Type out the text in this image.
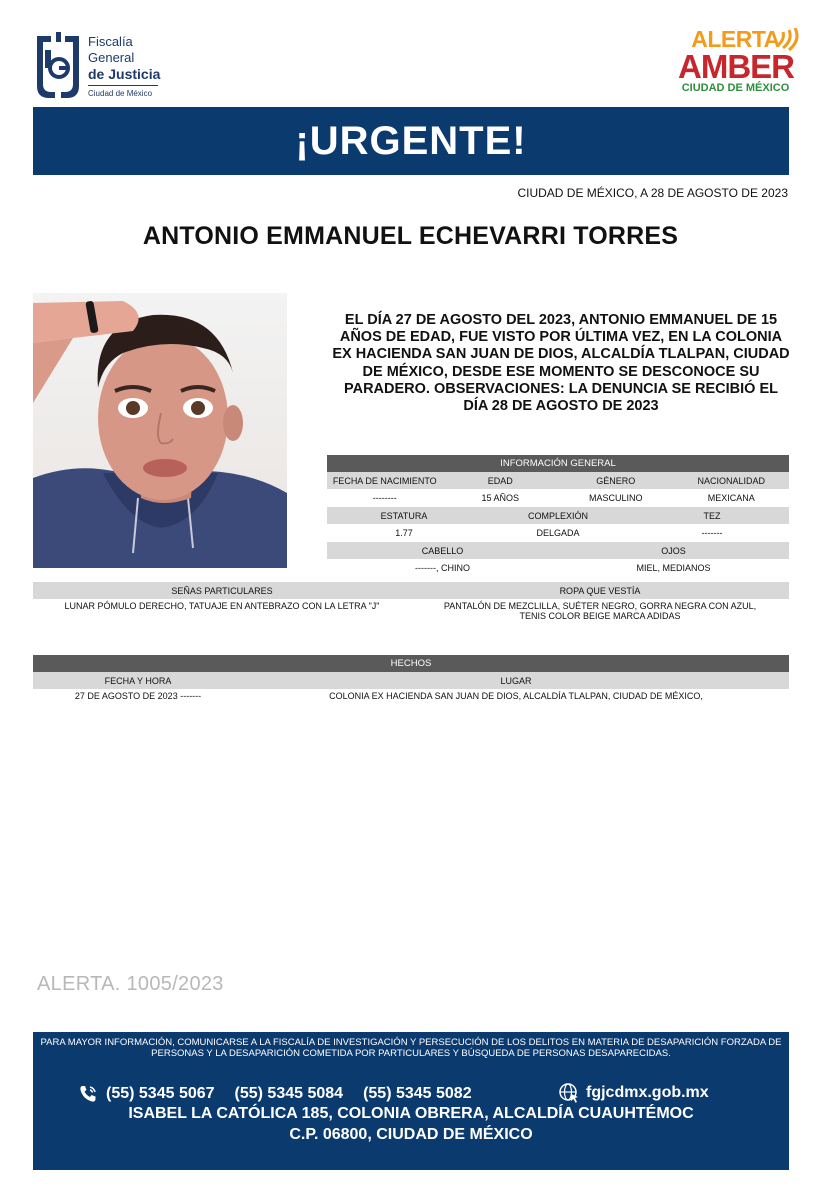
Fiscalía
General
de Justicia
Ciudad de México
ALERTA
AMBER
CIUDAD DE MÉXICO
¡URGENTE!
CIUDAD DE MÉXICO, A 28 DE AGOSTO DE 2023
ANTONIO EMMANUEL ECHEVARRI TORRES
EL DÍA 27 DE AGOSTO DEL 2023, ANTONIO EMMANUEL DE 15 AÑOS DE EDAD, FUE VISTO POR ÚLTIMA VEZ, EN LA COLONIA EX HACIENDA SAN JUAN DE DIOS, ALCALDÍA TLALPAN, CIUDAD DE MÉXICO, DESDE ESE MOMENTO SE DESCONOCE SU PARADERO. OBSERVACIONES: LA DENUNCIA SE RECIBIÓ EL DÍA 28 DE AGOSTO DE 2023
INFORMACIÓN GENERAL
FECHA DE NACIMIENTO	EDAD	GÉNERO	NACIONALIDAD
--------	15 AÑOS	MASCULINO	MEXICANA
ESTATURA	COMPLEXIÓN	TEZ
1.77	DELGADA	-------
CABELLO	OJOS
-------, CHINO	MIEL, MEDIANOS
SEÑAS PARTICULARES	ROPA QUE VESTÍA
LUNAR PÓMULO DERECHO, TATUAJE EN ANTEBRAZO CON LA LETRA "J"	PANTALÓN DE MEZCLILLA, SUÉTER NEGRO, GORRA NEGRA CON AZUL, TENIS COLOR BEIGE MARCA ADIDAS
HECHOS
FECHA Y HORA	LUGAR
27 DE AGOSTO DE 2023 -------	COLONIA EX HACIENDA SAN JUAN DE DIOS, ALCALDÍA TLALPAN, CIUDAD DE MÉXICO,
ALERTA. 1005/2023
PARA MAYOR INFORMACIÓN, COMUNICARSE A LA FISCALÍA DE INVESTIGACIÓN Y PERSECUCIÓN DE LOS DELITOS EN MATERIA DE DESAPARICIÓN FORZADA DE PERSONAS Y LA DESAPARICIÓN COMETIDA POR PARTICULARES Y BÚSQUEDA DE PERSONAS DESAPARECIDAS.
(55) 5345 5067 (55) 5345 5084 (55) 5345 5082	fgjcdmx.gob.mx
ISABEL LA CATÓLICA 185, COLONIA OBRERA, ALCALDÍA CUAUHTÉMOC
C.P. 06800, CIUDAD DE MÉXICO
